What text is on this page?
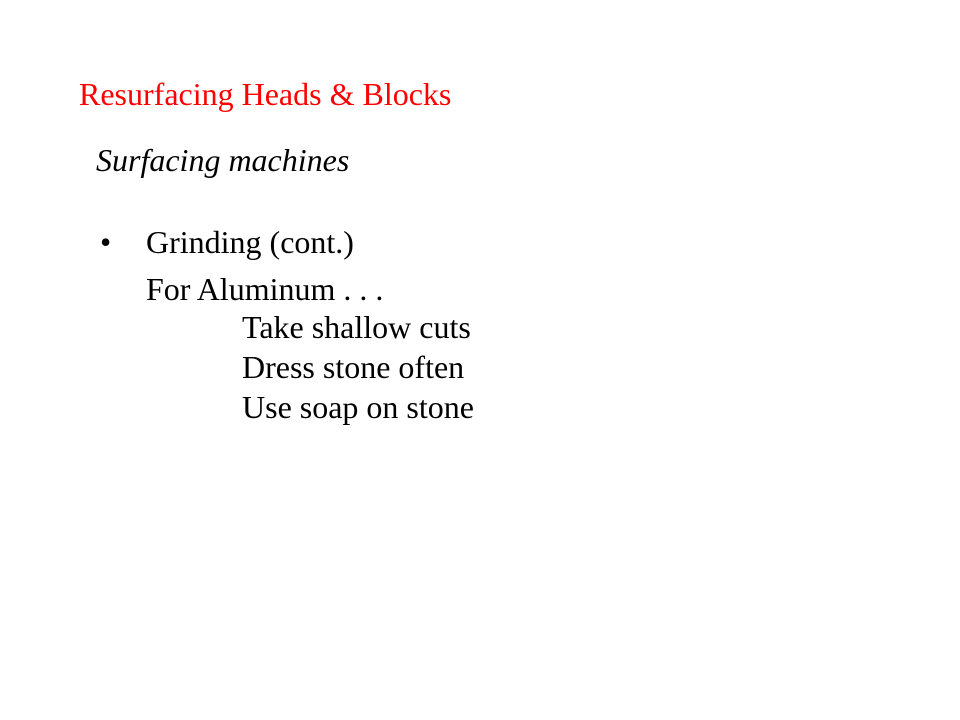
Resurfacing Heads & Blocks
Surfacing machines
• Grinding (cont.)
For Aluminum . . .
Take shallow cuts
Dress stone often
Use soap on stone
